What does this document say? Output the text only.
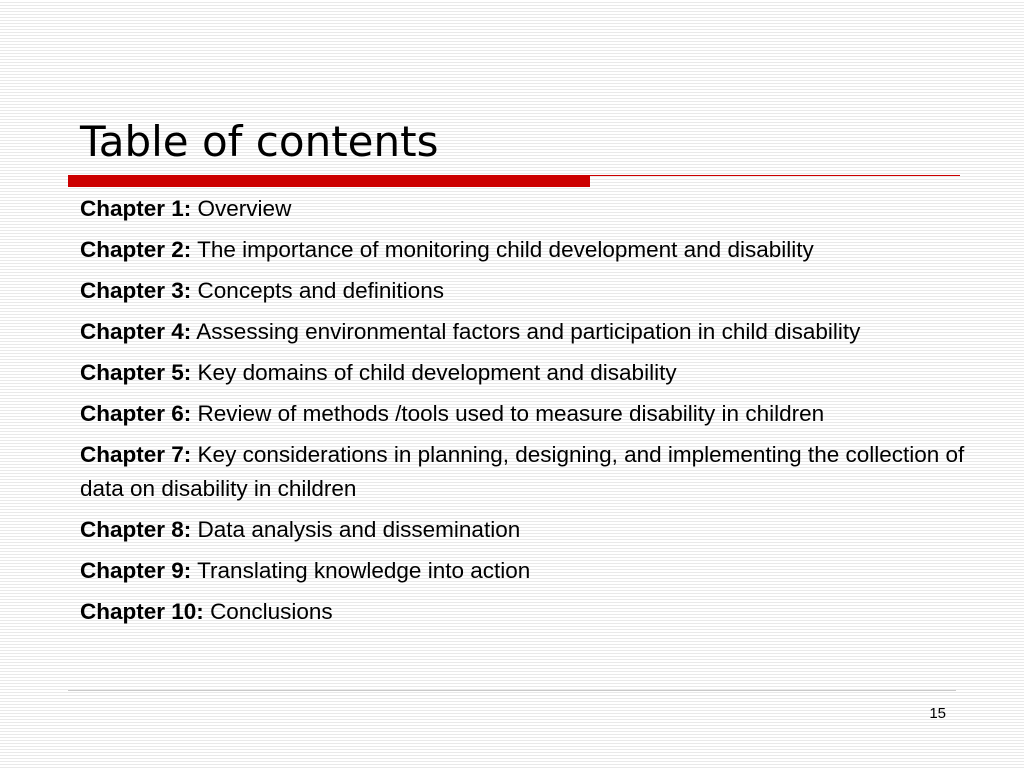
Table of contents
Chapter 1: Overview
Chapter 2: The importance of monitoring child development and disability
Chapter 3: Concepts and definitions
Chapter 4: Assessing environmental factors and participation in child disability
Chapter 5: Key domains of child development and disability
Chapter 6: Review of methods /tools used to measure disability in children
Chapter 7: Key considerations in planning, designing, and implementing the collection of data on disability in children
Chapter 8: Data analysis and dissemination
Chapter 9: Translating knowledge into action
Chapter 10: Conclusions
15
